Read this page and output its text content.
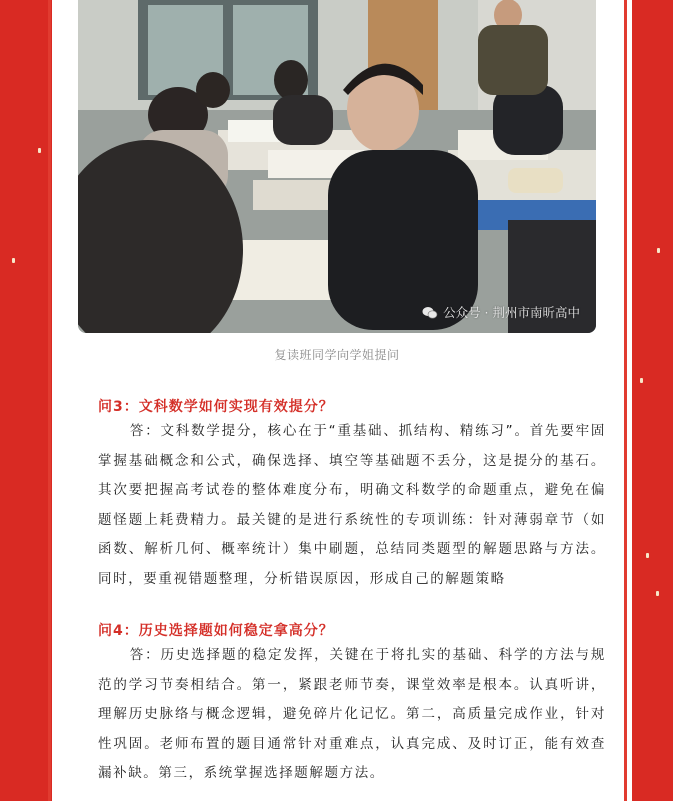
公众号 · 荆州市南昕高中
复读班同学向学姐提问
问3：文科数学如何实现有效提分？

答：文科数学提分，核心在于“重基础、抓结构、精练习”。首先要牢固掌握基础概念和公式，确保选择、填空等基础题不丢分，这是提分的基石。其次要把握高考试卷的整体难度分布，明确文科数学的命题重点，避免在偏题怪题上耗费精力。最关键的是进行系统性的专项训练：针对薄弱章节（如函数、解析几何、概率统计）集中刷题，总结同类题型的解题思路与方法。同时，要重视错题整理，分析错误原因，形成自己的解题策略

问4：历史选择题如何稳定拿高分？

答：历史选择题的稳定发挥，关键在于将扎实的基础、科学的方法与规范的学习节奏相结合。第一，紧跟老师节奏，课堂效率是根本。认真听讲，理解历史脉络与概念逻辑，避免碎片化记忆。第二，高质量完成作业，针对性巩固。老师布置的题目通常针对重难点，认真完成、及时订正，能有效查漏补缺。第三，系统掌握选择题解题方法。
